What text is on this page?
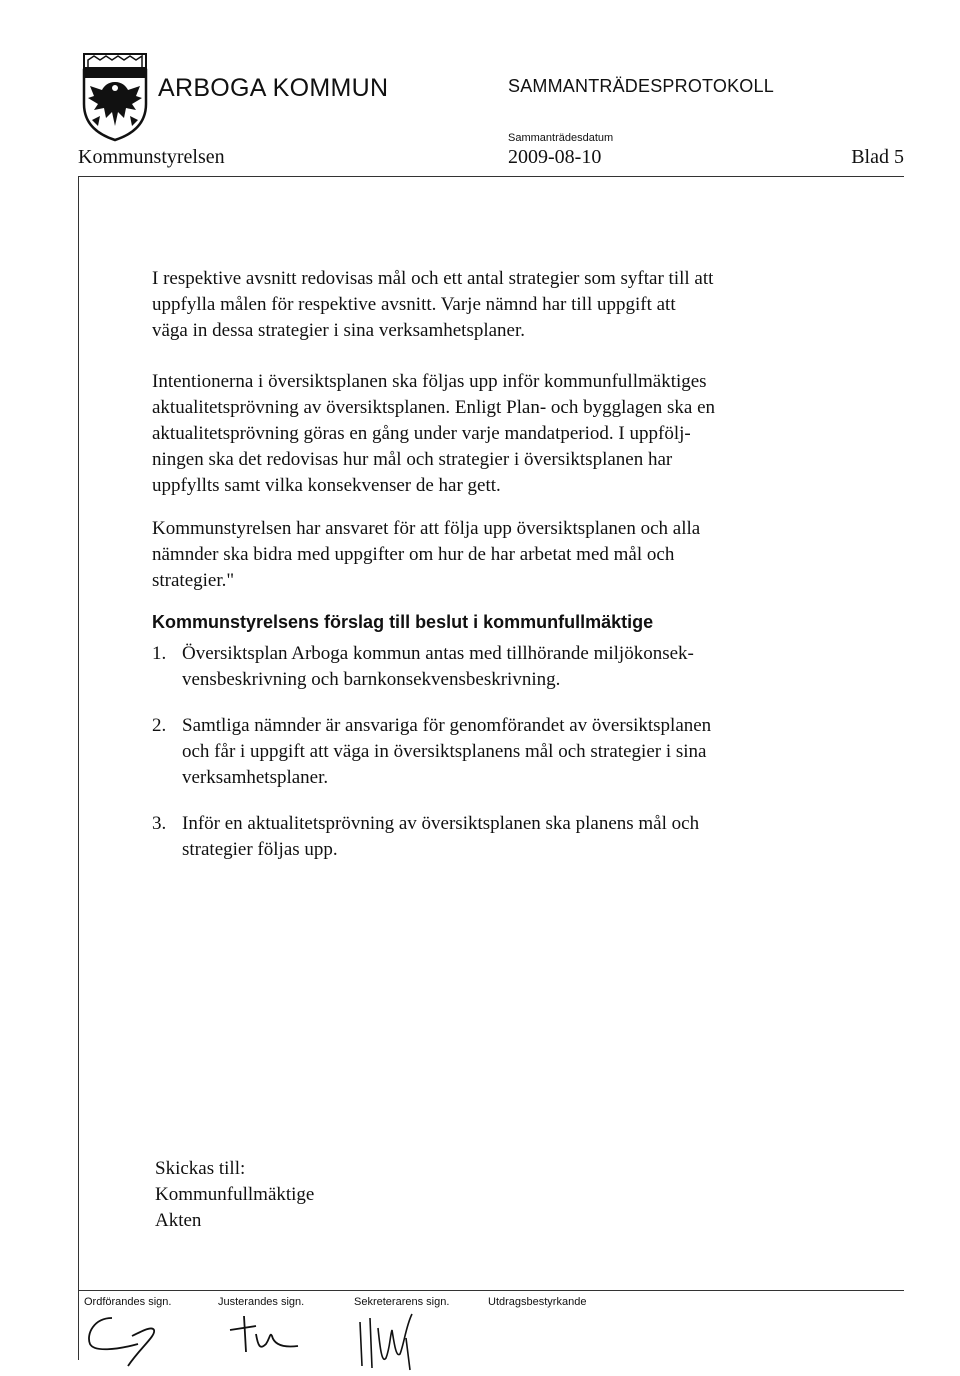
ARBOGA KOMMUN	SAMMANTRÄDESPROTOKOLL
Sammanträdesdatum
Kommunstyrelsen	2009-08-10	Blad 5
I respektive avsnitt redovisas mål och ett antal strategier som syftar till att
uppfylla målen för respektive avsnitt. Varje nämnd har till uppgift att
väga in dessa strategier i sina verksamhetsplaner.
Intentionerna i översiktsplanen ska följas upp inför kommunfullmäktiges
aktualitetsprövning av översiktsplanen. Enligt Plan- och bygglagen ska en
aktualitetsprövning göras en gång under varje mandatperiod. I uppfölj-
ningen ska det redovisas hur mål och strategier i översiktsplanen har
uppfyllts samt vilka konsekvenser de har gett.
Kommunstyrelsen har ansvaret för att följa upp översiktsplanen och alla
nämnder ska bidra med uppgifter om hur de har arbetat med mål och
strategier."
Kommunstyrelsens förslag till beslut i kommunfullmäktige
1. Översiktsplan Arboga kommun antas med tillhörande miljökonsek-
vensbeskrivning och barnkonsekvensbeskrivning.
2. Samtliga nämnder är ansvariga för genomförandet av översiktsplanen
och får i uppgift att väga in översiktsplanens mål och strategier i sina
verksamhetsplaner.
3. Inför en aktualitetsprövning av översiktsplanen ska planens mål och
strategier följas upp.
Skickas till:
Kommunfullmäktige
Akten
Ordförandes sign.	Justerandes sign.	Sekreterarens sign.	Utdragsbestyrkande
